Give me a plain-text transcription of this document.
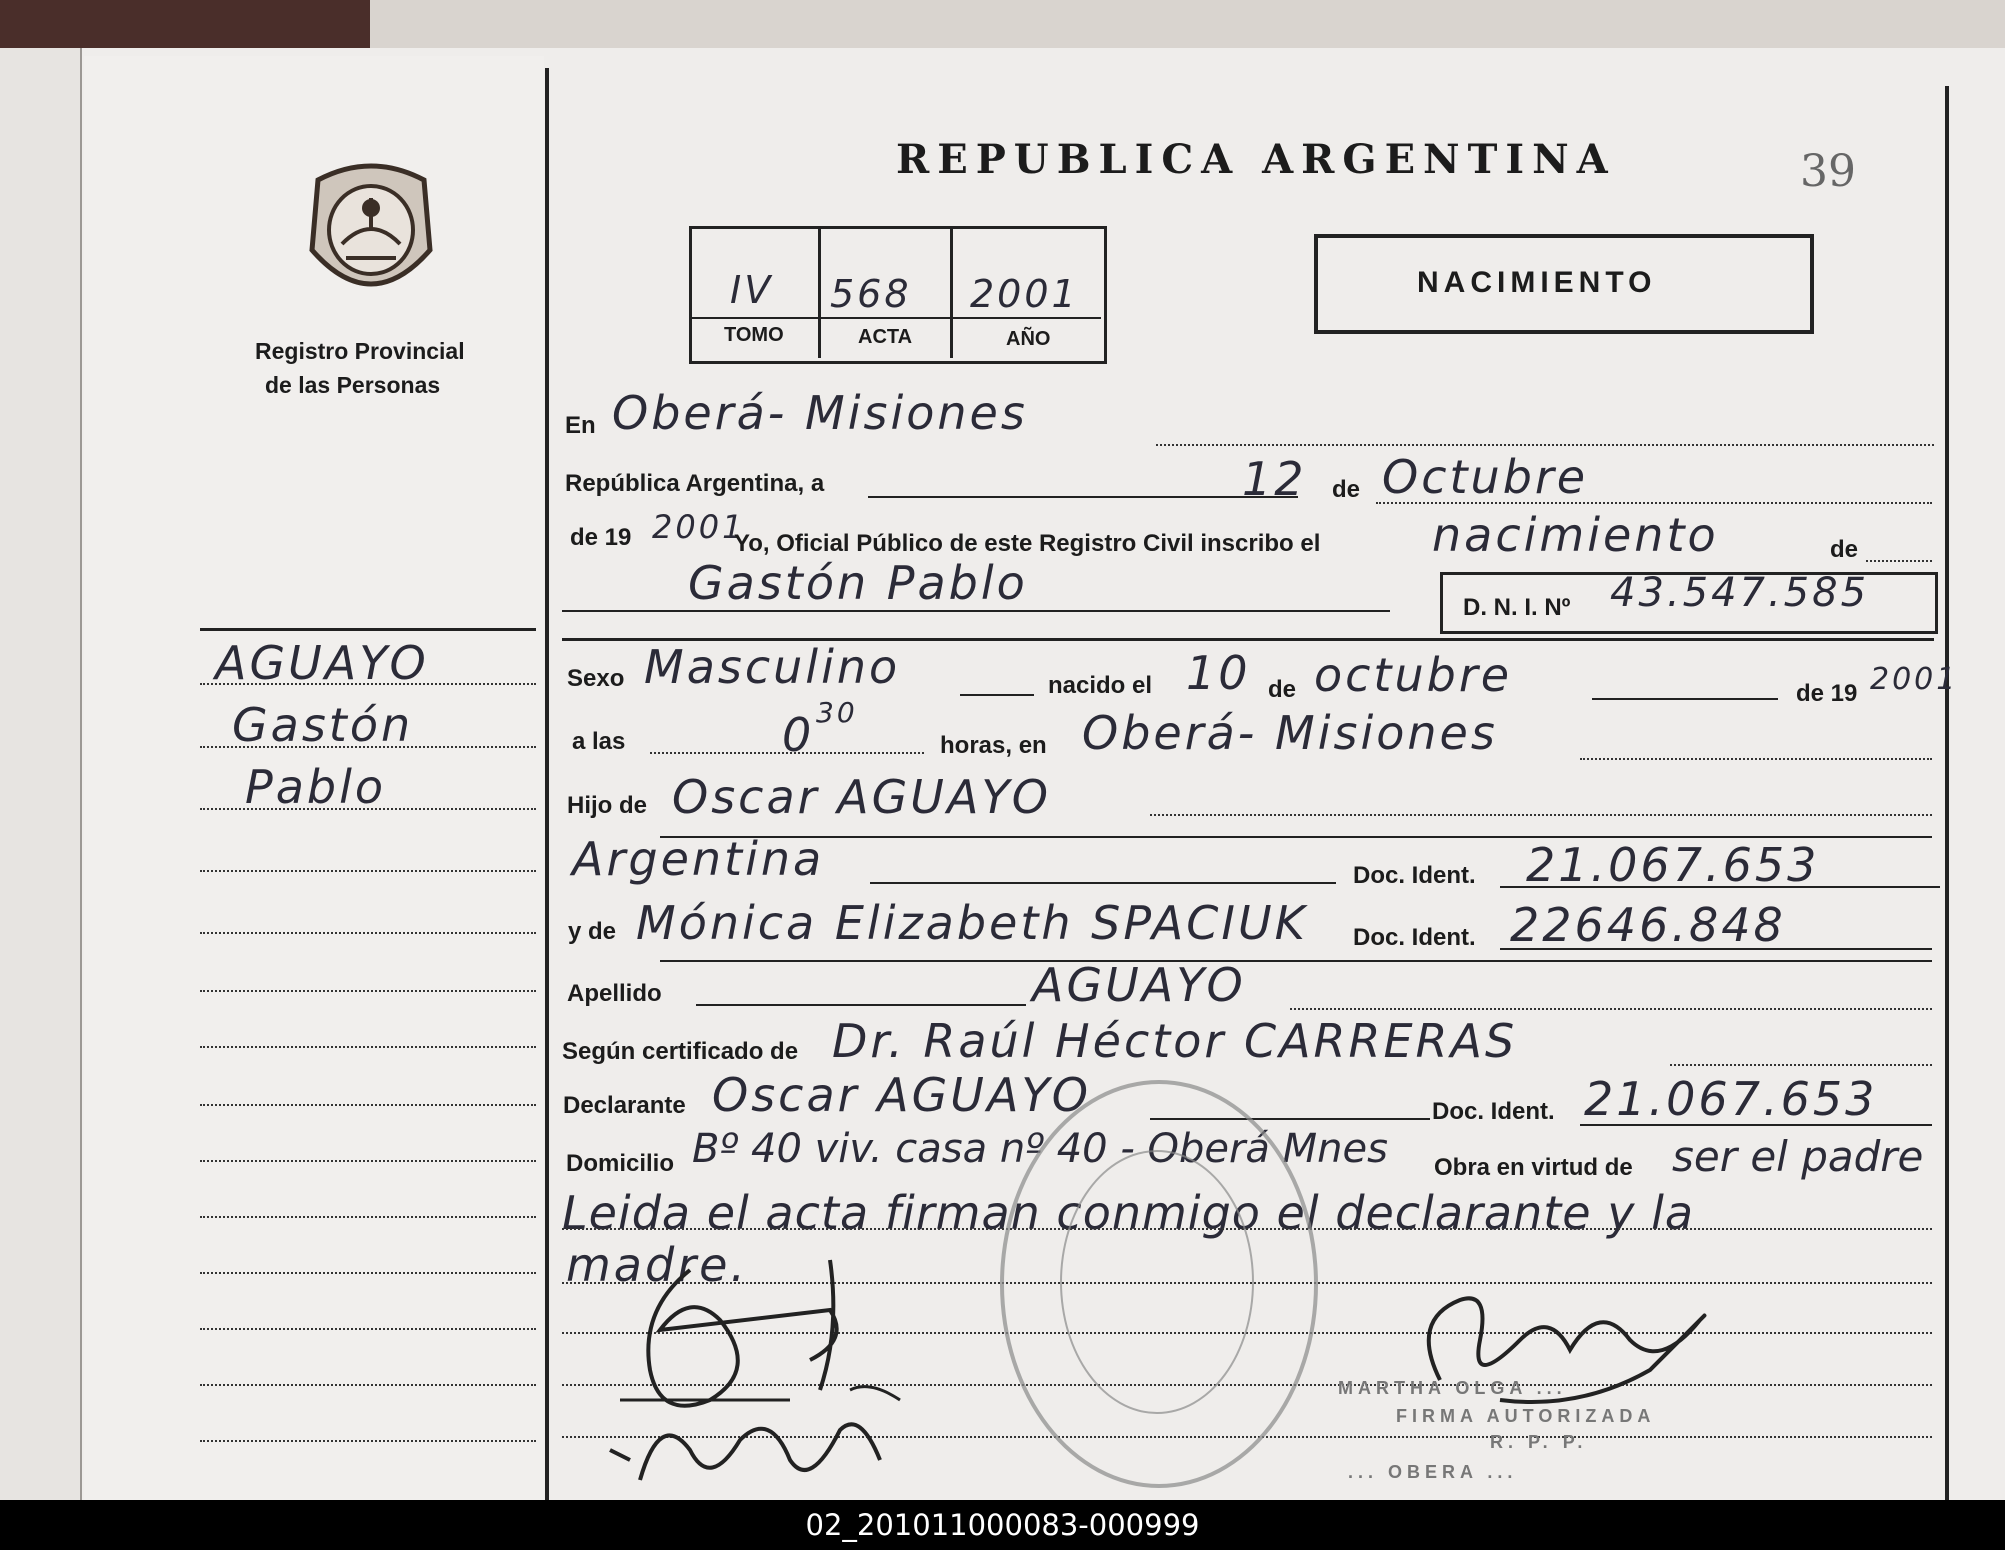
Registro Provincial
de las Personas
AGUAYO
Gastón
Pablo
REPUBLICA ARGENTINA	39
IV 568 2001
TOMO	ACTA	AÑO
NACIMIENTO
En Oberá- Misiones
República Argentina, a	12 de Octubre
de 19 2001
Yo, Oficial Público de este Registro Civil inscribo el nacimiento	de
Gastón Pablo	D. N. I. Nº 43.547.585
Sexo Masculino	nacido el 10 de octubre	de 19 2001
a las	0 30
horas, en Oberá- Misiones
Hijo de Oscar AGUAYO
Argentina	Doc. Ident. 21.067.653
y de Mónica Elizabeth SPACIUK Doc. Ident. 22646.848
Apellido	AGUAYO
Según certificado de Dr. Raúl Héctor CARRERAS
Declarante Oscar AGUAYO	Doc. Ident. 21.067.653
Domicilio Bº 40 viv. casa nº 40 - Oberá Mnes Obra en virtud de ser el padre
Leida el acta firman conmigo el declarante y la
madre.
MARTHA OLGA ...
FIRMA AUTORIZADA
R. P. P.
... OBERA ...
02_201011000083-000999
